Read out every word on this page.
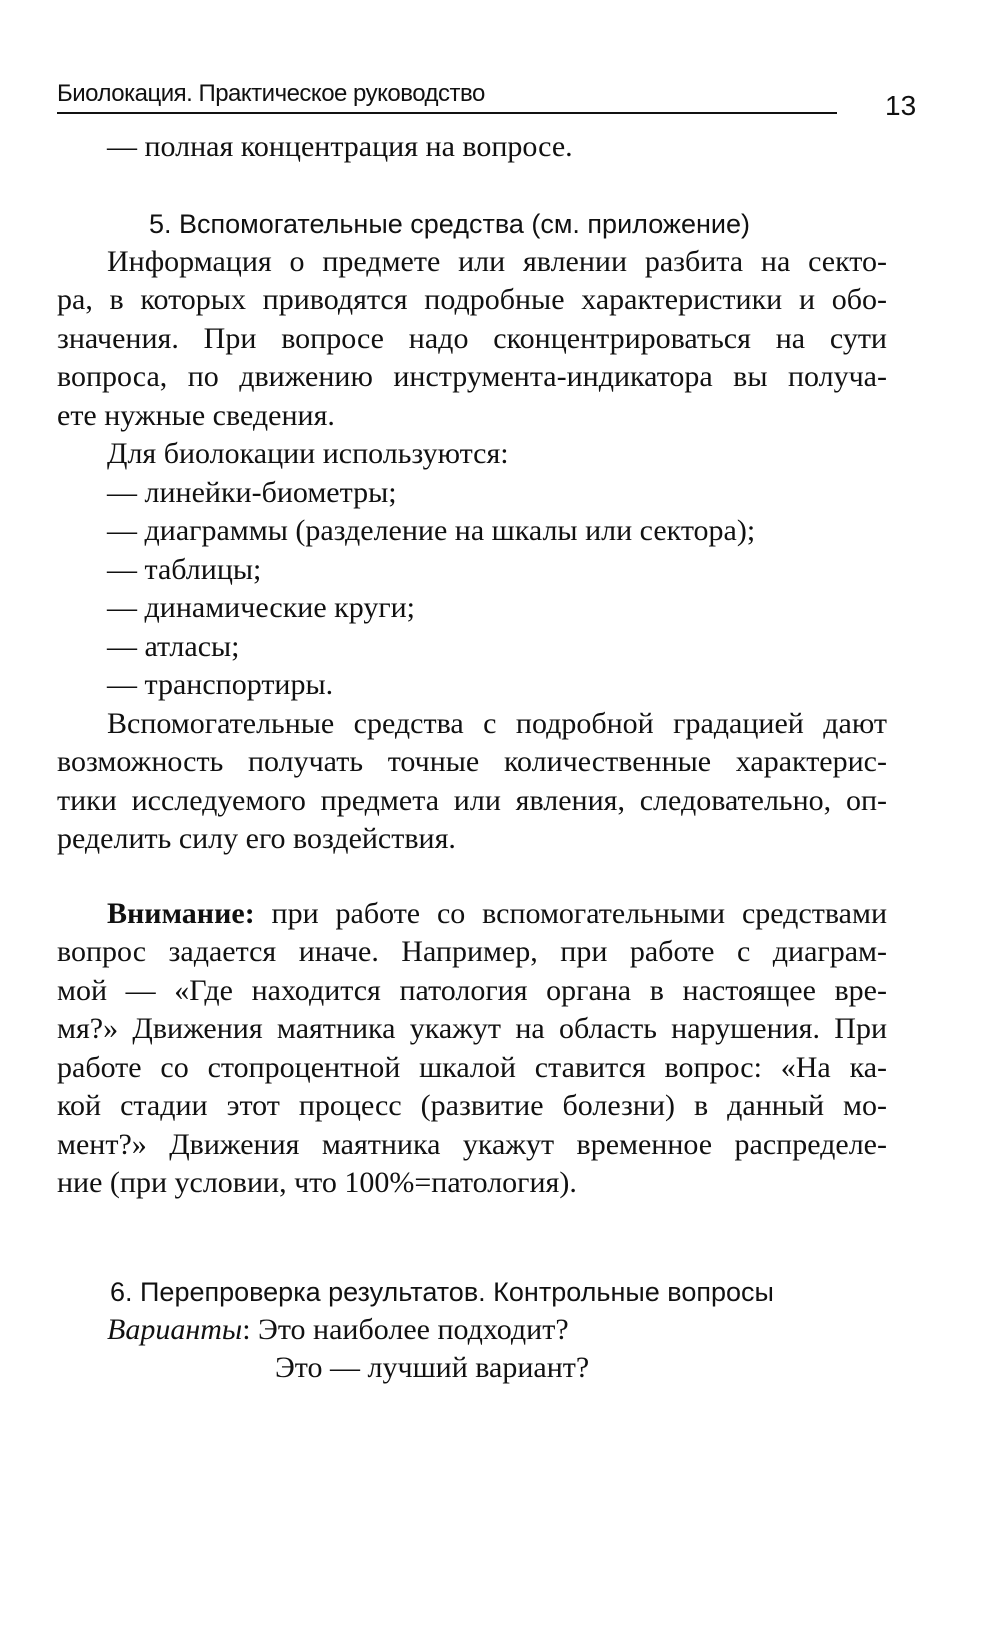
Биолокация. Практическое руководство	13
— полная концентрация на вопросе.
5. Вспомогательные средства (см. приложение)
Информация о предмете или явлении разбита на секто-
ра, в которых приводятся подробные характеристики и обо-
значения. При вопросе надо сконцентрироваться на сути
вопроса, по движению инструмента-индикатора вы получа-
ете нужные сведения.
Для биолокации используются:
— линейки-биометры;
— диаграммы (разделение на шкалы или сектора);
— таблицы;
— динамические круги;
— атласы;
— транспортиры.
Вспомогательные средства с подробной градацией дают
возможность получать точные количественные характерис-
тики исследуемого предмета или явления, следовательно, оп-
ределить силу его воздействия.
Внимание: при работе со вспомогательными средствами
вопрос задается иначе. Например, при работе с диаграм-
мой — «Где находится патология органа в настоящее вре-
мя?» Движения маятника укажут на область нарушения. При
работе со стопроцентной шкалой ставится вопрос: «На ка-
кой стадии этот процесс (развитие болезни) в данный мо-
мент?» Движения маятника укажут временное распределе-
ние (при условии, что 100%=патология).
6. Перепроверка результатов. Контрольные вопросы
Варианты: Это наиболее подходит?
Это — лучший вариант?
